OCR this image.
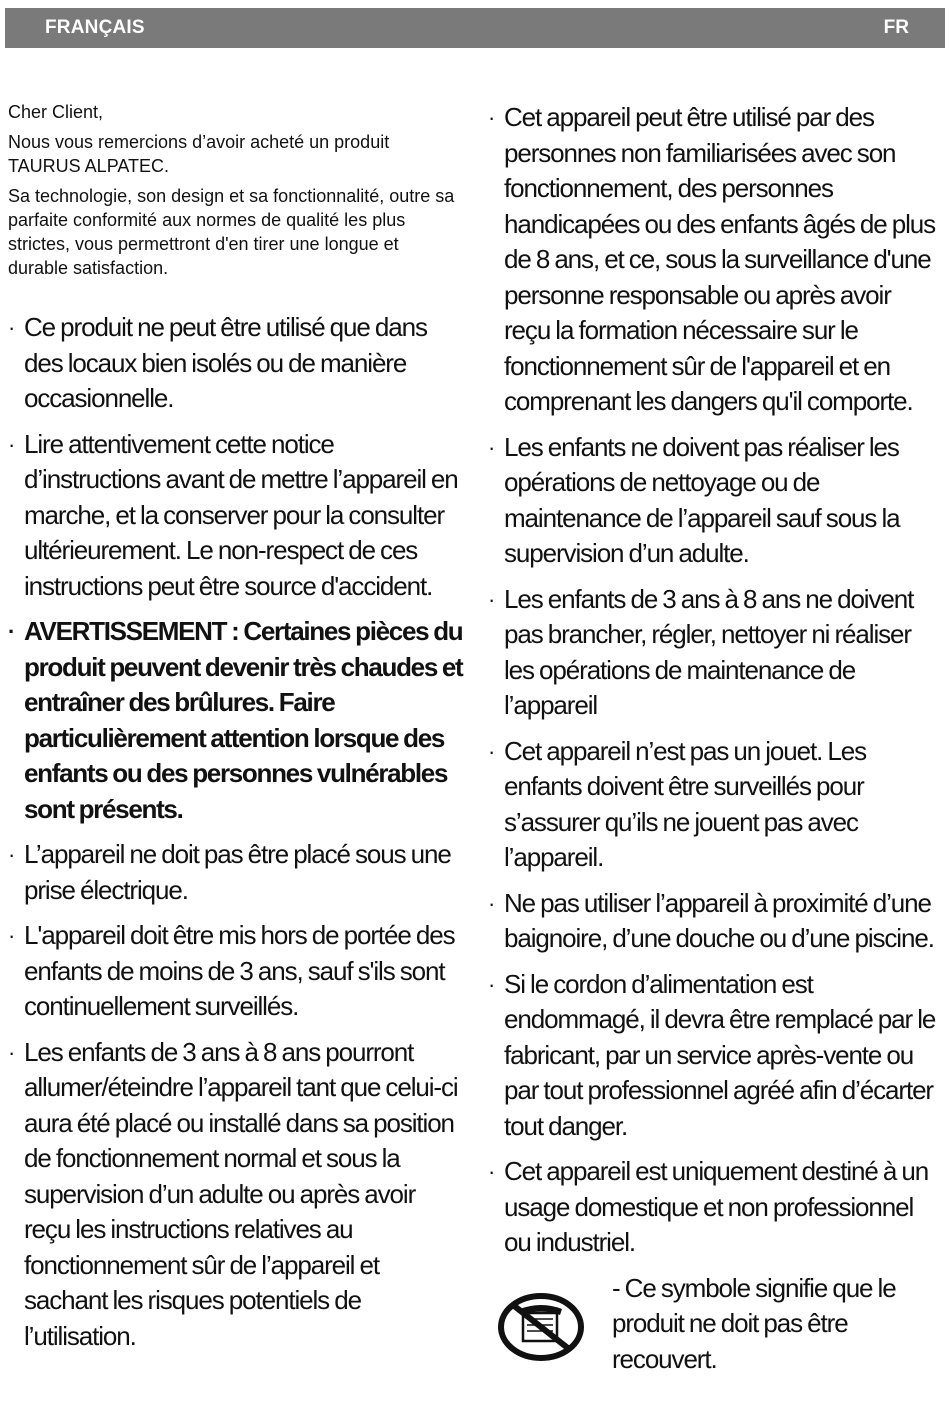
FRANÇAIS	FR

Cher Client,

Nous vous remercions d’avoir acheté un produit TAURUS ALPATEC.

Sa technologie, son design et sa fonctionnalité, outre sa parfaite conformité aux normes de qualité les plus strictes, vous permettront d'en tirer une longue et durable satisfaction.

· Ce produit ne peut être utilisé que dans des locaux bien isolés ou de manière occasionnelle.
· Lire attentivement cette notice d’instructions avant de mettre l’appareil en marche, et la conserver pour la consulter ultérieurement. Le non-respect de ces instructions peut être source d'accident.
· AVERTISSEMENT : Certaines pièces du produit peuvent devenir très chaudes et entraîner des brûlures. Faire particulièrement attention lorsque des enfants ou des personnes vulnérables sont présents.
· L’appareil ne doit pas être placé sous une prise électrique.
· L'appareil doit être mis hors de portée des enfants de moins de 3 ans, sauf s'ils sont continuellement surveillés.
· Les enfants de 3 ans à 8 ans pourront allumer/éteindre l’appareil tant que celui-ci aura été placé ou installé dans sa position de fonctionnement normal et sous la supervision d’un adulte ou après avoir reçu les instructions relatives au fonctionnement sûr de l’appareil et sachant les risques potentiels de l’utilisation.
· Cet appareil peut être utilisé par des personnes non familiarisées avec son fonctionnement, des personnes handicapées ou des enfants âgés de plus de 8 ans, et ce, sous la surveillance d'une personne responsable ou après avoir reçu la formation nécessaire sur le fonctionnement sûr de l'appareil et en comprenant les dangers qu'il comporte.
· Les enfants ne doivent pas réaliser les opérations de nettoyage ou de maintenance de l’appareil sauf sous la supervision d’un adulte.
· Les enfants de 3 ans à 8 ans ne doivent pas brancher, régler, nettoyer ni réaliser les opérations de maintenance de l’appareil
· Cet appareil n’est pas un jouet. Les enfants doivent être surveillés pour s’assurer qu’ils ne jouent pas avec l’appareil.
· Ne pas utiliser l’appareil à proximité d’une baignoire, d’une douche ou d’une piscine.
· Si le cordon d’alimentation est endommagé, il devra être remplacé par le fabricant, par un service après-vente ou par tout professionnel agréé afin d’écarter tout danger.
· Cet appareil est uniquement destiné à un usage domestique et non professionnel ou industriel.
- Ce symbole signifie que le produit ne doit pas être recouvert.
